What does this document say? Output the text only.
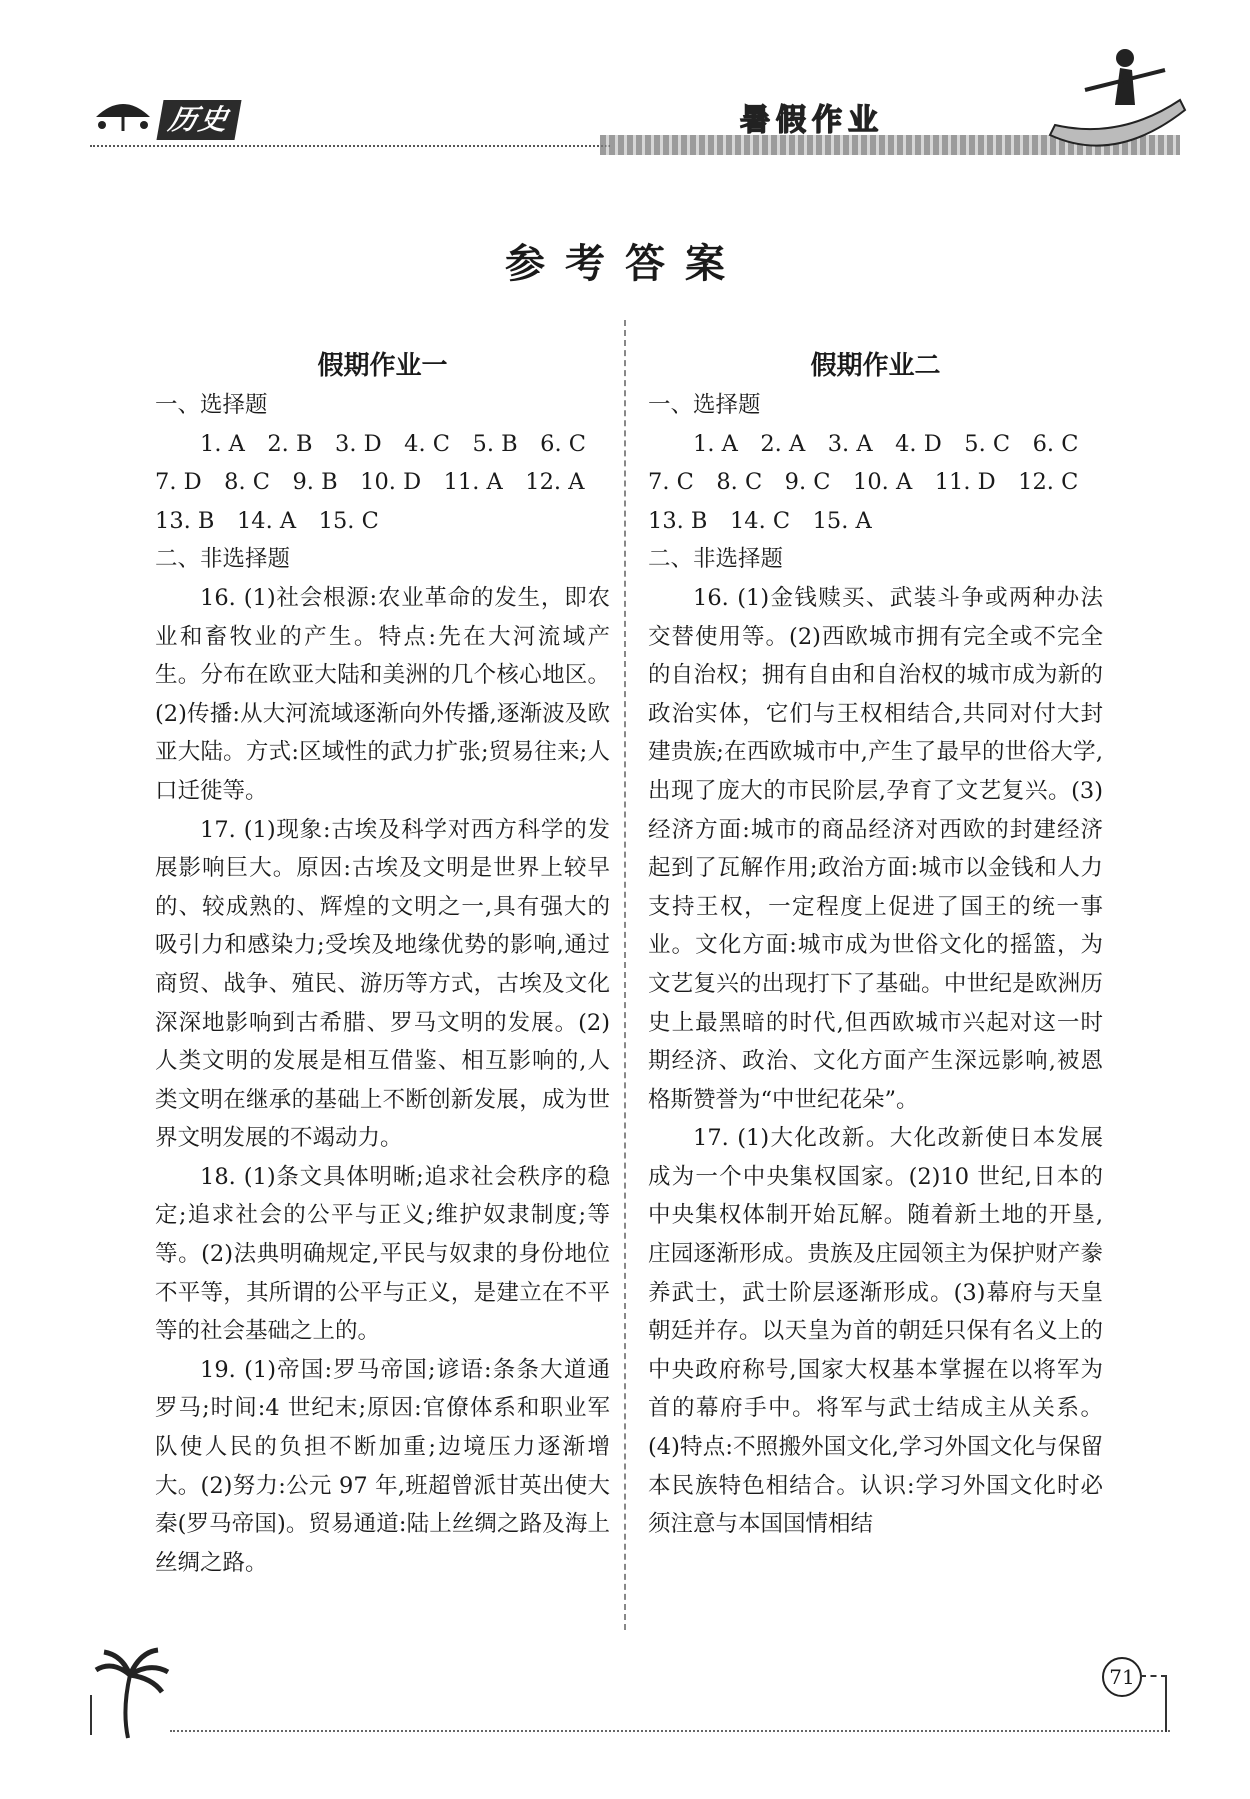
历史	暑假作业
参考答案

假期作业一

一、选择题

1. A　2. B　3. D　4. C　5. B　6. C

7. D　8. C　9. B　10. D　11. A　12. A

13. B　14. A　15. C

二、非选择题

16. (1)社会根源:农业革命的发生，即农业和畜牧业的产生。特点:先在大河流域产生。分布在欧亚大陆和美洲的几个核心地区。(2)传播:从大河流域逐渐向外传播,逐渐波及欧亚大陆。方式:区域性的武力扩张;贸易往来;人口迁徙等。

17. (1)现象:古埃及科学对西方科学的发展影响巨大。原因:古埃及文明是世界上较早的、较成熟的、辉煌的文明之一,具有强大的吸引力和感染力;受埃及地缘优势的影响,通过商贸、战争、殖民、游历等方式，古埃及文化深深地影响到古希腊、罗马文明的发展。(2)人类文明的发展是相互借鉴、相互影响的,人类文明在继承的基础上不断创新发展，成为世界文明发展的不竭动力。

18. (1)条文具体明晰;追求社会秩序的稳定;追求社会的公平与正义;维护奴隶制度;等等。(2)法典明确规定,平民与奴隶的身份地位不平等，其所谓的公平与正义，是建立在不平等的社会基础之上的。

19. (1)帝国:罗马帝国;谚语:条条大道通罗马;时间:4 世纪末;原因:官僚体系和职业军队使人民的负担不断加重;边境压力逐渐增大。(2)努力:公元 97 年,班超曾派甘英出使大秦(罗马帝国)。贸易通道:陆上丝绸之路及海上丝绸之路。

假期作业二

一、选择题

1. A　2. A　3. A　4. D　5. C　6. C

7. C　8. C　9. C　10. A　11. D　12. C

13. B　14. C　15. A

二、非选择题

16. (1)金钱赎买、武装斗争或两种办法交替使用等。(2)西欧城市拥有完全或不完全的自治权；拥有自由和自治权的城市成为新的政治实体，它们与王权相结合,共同对付大封建贵族;在西欧城市中,产生了最早的世俗大学,出现了庞大的市民阶层,孕育了文艺复兴。(3)经济方面:城市的商品经济对西欧的封建经济起到了瓦解作用;政治方面:城市以金钱和人力支持王权，一定程度上促进了国王的统一事业。文化方面:城市成为世俗文化的摇篮，为文艺复兴的出现打下了基础。中世纪是欧洲历史上最黑暗的时代,但西欧城市兴起对这一时期经济、政治、文化方面产生深远影响,被恩格斯赞誉为“中世纪花朵”。

17. (1)大化改新。大化改新使日本发展成为一个中央集权国家。(2)10 世纪,日本的中央集权体制开始瓦解。随着新土地的开垦,庄园逐渐形成。贵族及庄园领主为保护财产豢养武士，武士阶层逐渐形成。(3)幕府与天皇朝廷并存。以天皇为首的朝廷只保有名义上的中央政府称号,国家大权基本掌握在以将军为首的幕府手中。将军与武士结成主从关系。(4)特点:不照搬外国文化,学习外国文化与保留本民族特色相结合。认识:学习外国文化时必须注意与本国国情相结

71
